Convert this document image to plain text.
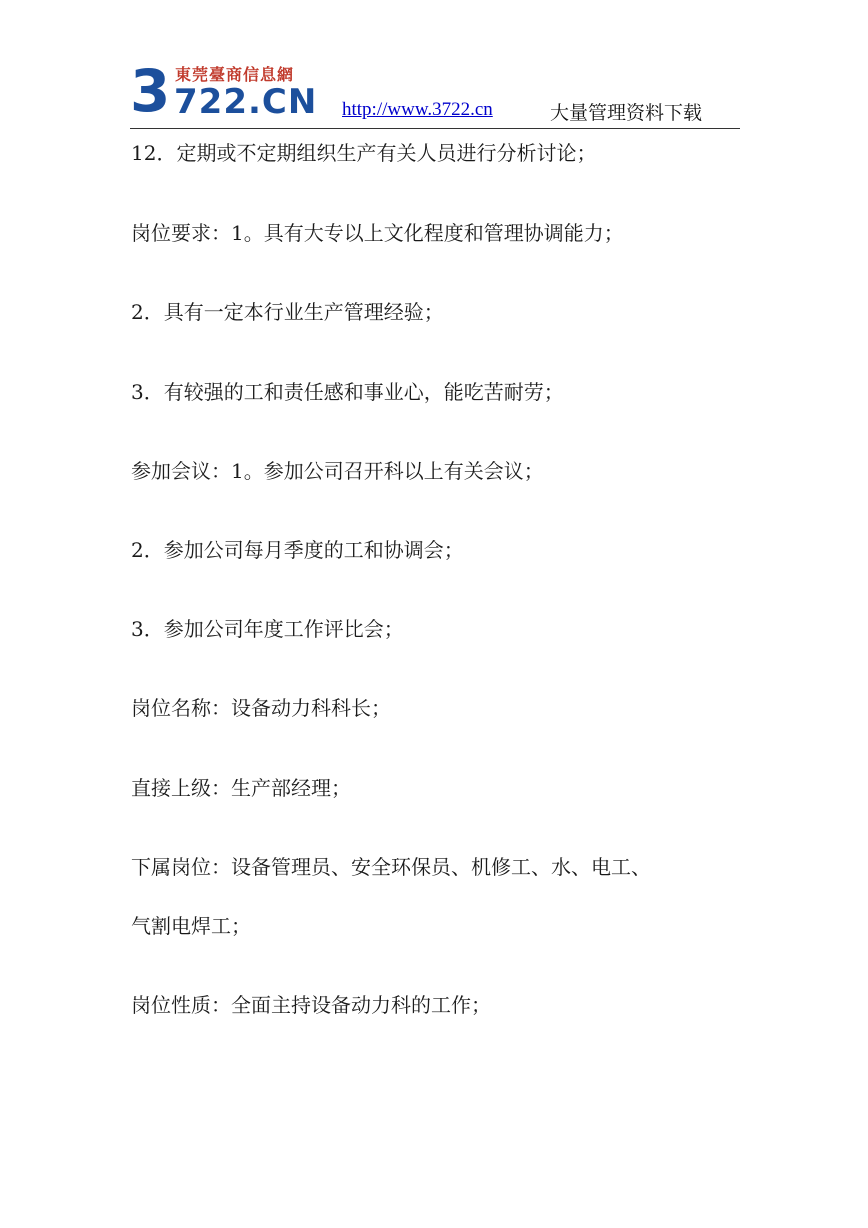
3 東莞臺商信息網
722.CN http://www.3722.cn	大量管理资料下载
12．定期或不定期组织生产有关人员进行分析讨论；
岗位要求：1。具有大专以上文化程度和管理协调能力；
2．具有一定本行业生产管理经验；
3．有较强的工和责任感和事业心，能吃苦耐劳；
参加会议：1。参加公司召开科以上有关会议；
2．参加公司每月季度的工和协调会；
3．参加公司年度工作评比会；
岗位名称：设备动力科科长；
直接上级：生产部经理；
下属岗位：设备管理员、安全环保员、机修工、水、电工、
气割电焊工；
岗位性质：全面主持设备动力科的工作；
